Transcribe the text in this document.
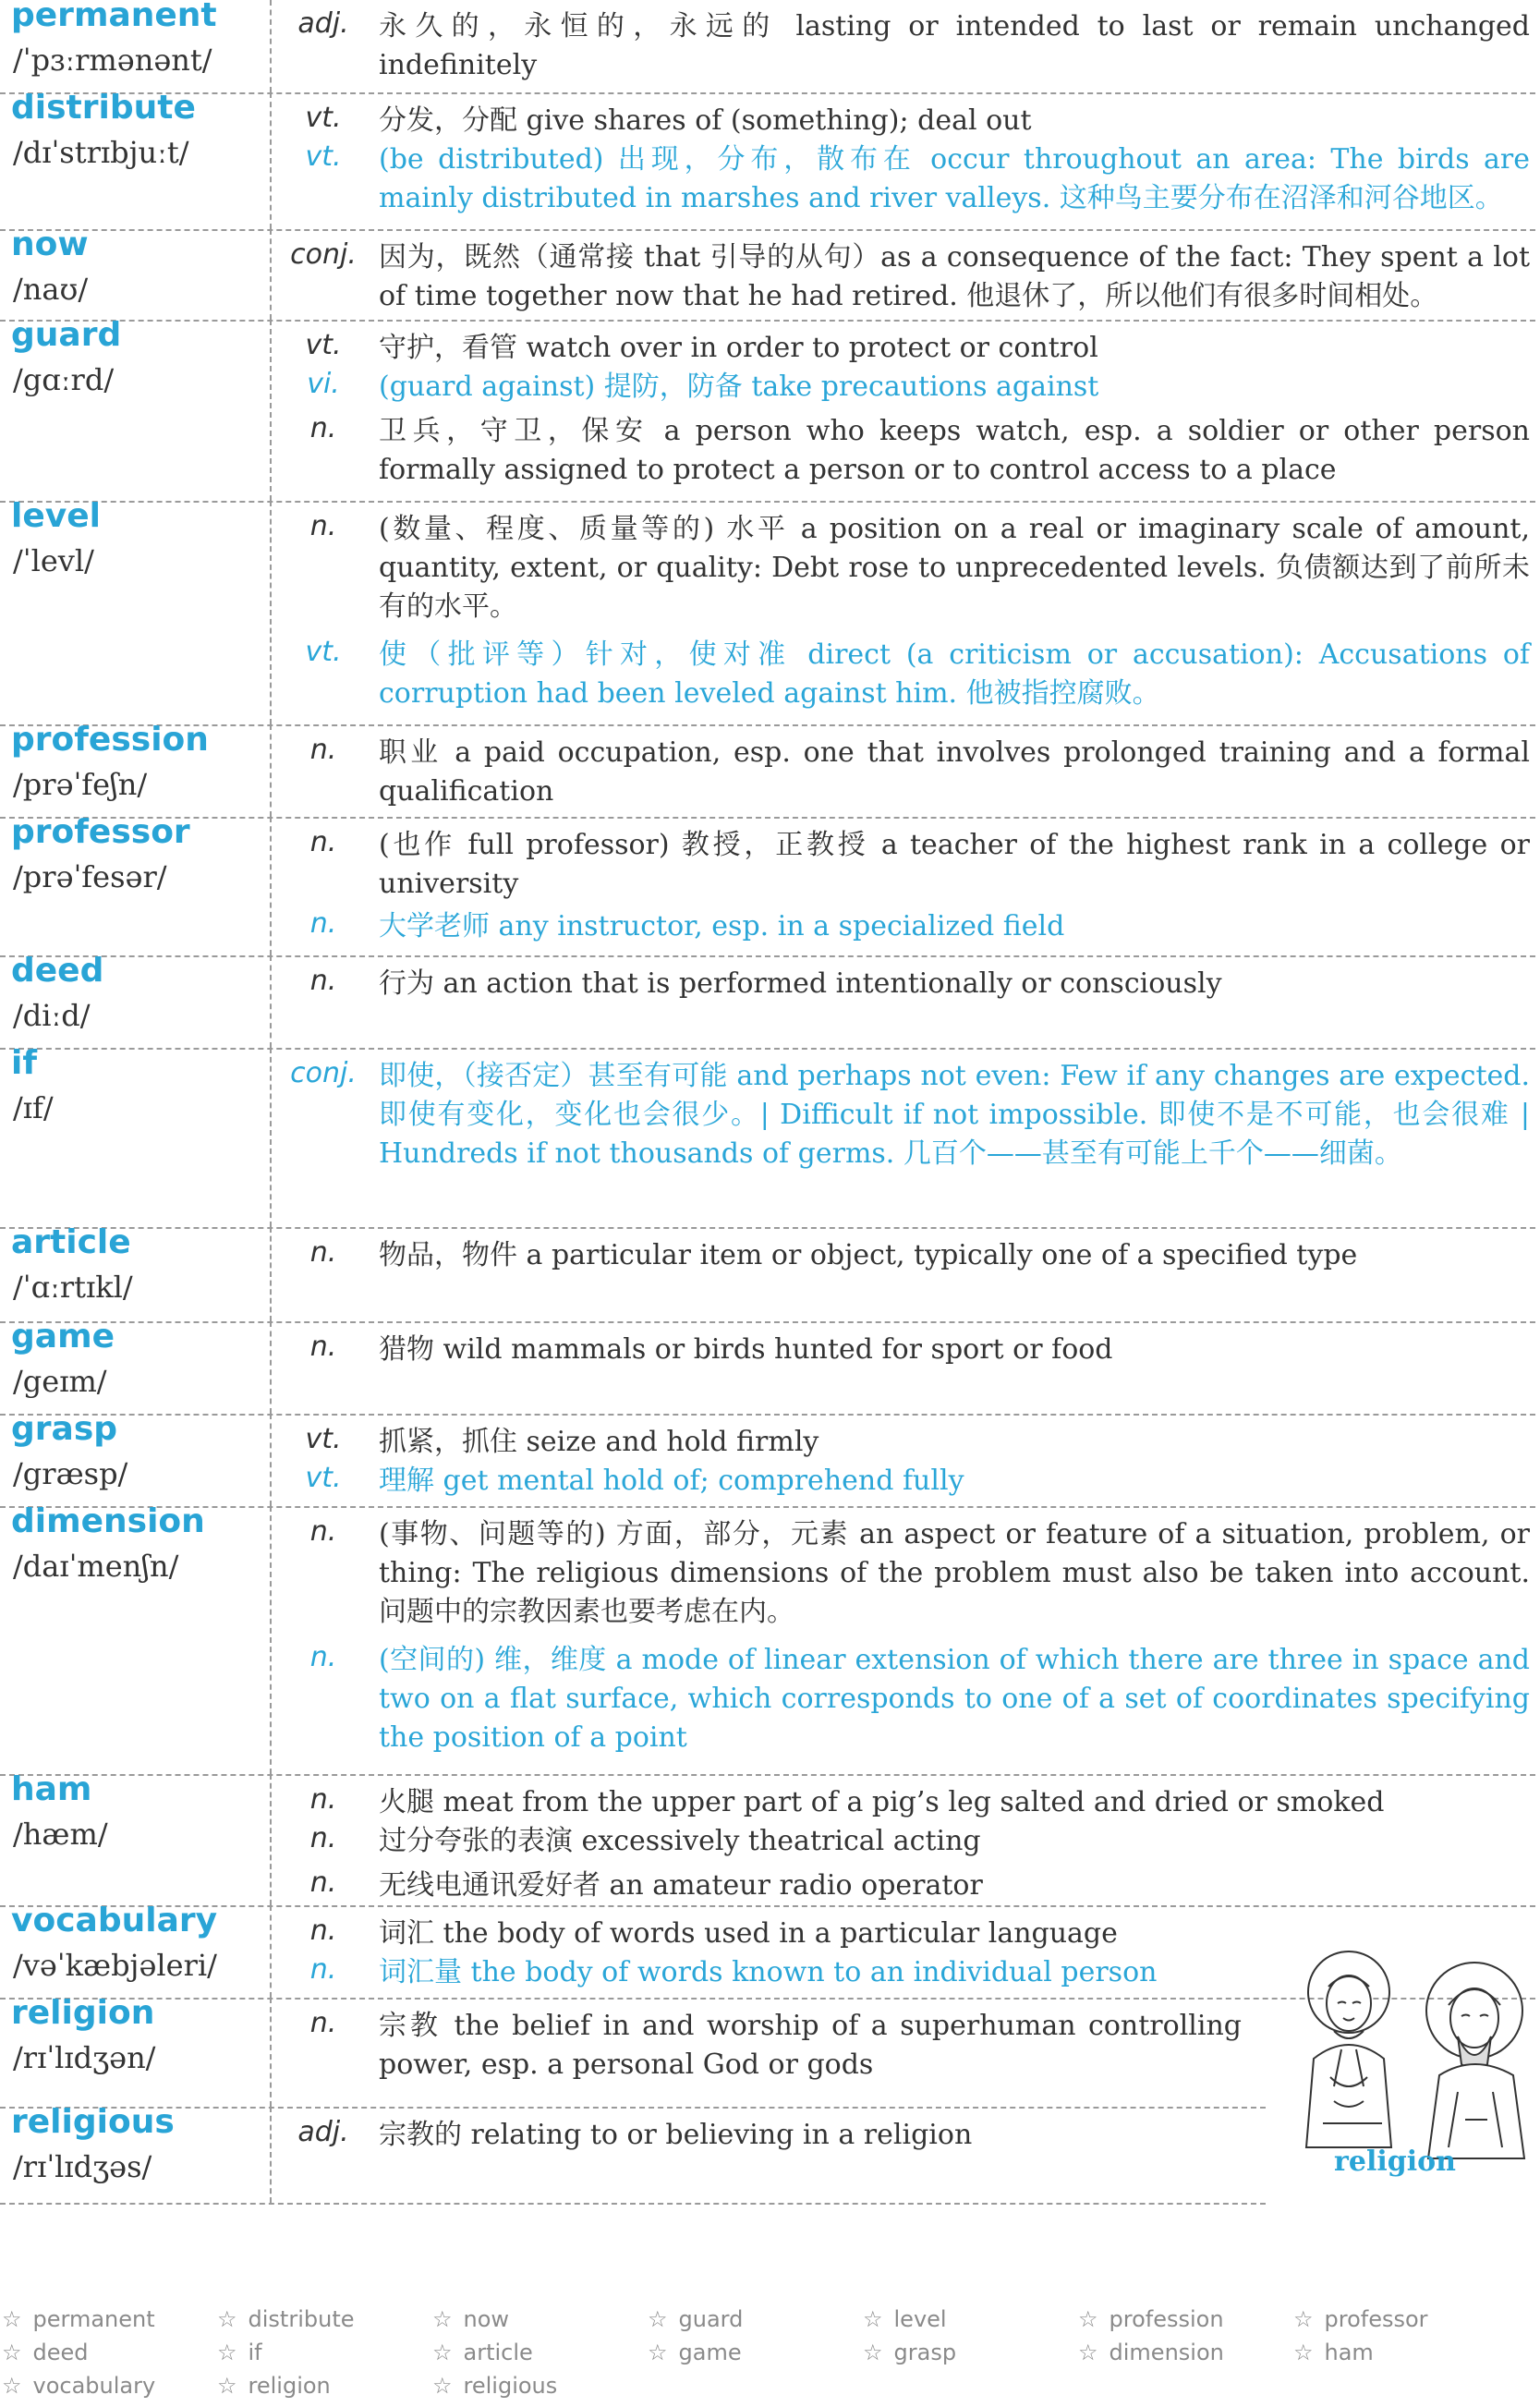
permanent
/ˈpɜːrmənənt/
adj.	永久的，永恒的，永远的 lasting or intended to last or remain unchanged indefinitely
distribute
/dɪˈstrɪbjuːt/
vt.	分发，分配 give shares of (something); deal out
vt.	(be distributed) 出现，分布，散布在 occur throughout an area: The birds are mainly distributed in marshes and river valleys. 这种鸟主要分布在沼泽和河谷地区。
now
/naʊ/
conj. 因为，既然（通常接 that 引导的从句）as a consequence of the fact: They spent a lot of time together now that he had retired. 他退休了，所以他们有很多时间相处。
guard
/gɑːrd/
vt.	守护，看管 watch over in order to protect or control
vi.	(guard against) 提防，防备 take precautions against
n.	卫兵，守卫，保安 a person who keeps watch, esp. a soldier or other person formally assigned to protect a person or to control access to a place
level
/ˈlevl/
n.	(数量、程度、质量等的) 水平 a position on a real or imaginary scale of amount, quantity, extent, or quality: Debt rose to unprecedented levels. 负债额达到了前所未有的水平。
vt.	使（批评等）针对，使对准 direct (a criticism or accusation): Accusations of corruption had been leveled against him. 他被指控腐败。
profession
/prəˈfeʃn/
n.	职业 a paid occupation, esp. one that involves prolonged training and a formal qualification
professor
/prəˈfesər/
n.	(也作 full professor) 教授，正教授 a teacher of the highest rank in a college or university
n.	大学老师 any instructor, esp. in a specialized field
deed
/diːd/
n.	行为 an action that is performed intentionally or consciously
if
/ɪf/
conj. 即使，（接否定）甚至有可能 and perhaps not even: Few if any changes are expected. 即使有变化，变化也会很少。| Difficult if not impossible. 即使不是不可能，也会很难 | Hundreds if not thousands of germs. 几百个——甚至有可能上千个——细菌。
article
/ˈɑːrtɪkl/
n.	物品，物件 a particular item or object, typically one of a specified type
game
/geɪm/
n.	猎物 wild mammals or birds hunted for sport or food
grasp
/græsp/
vt.	抓紧，抓住 seize and hold firmly
vt.	理解 get mental hold of; comprehend fully
dimension
/daɪˈmenʃn/
n.	(事物、问题等的) 方面，部分，元素 an aspect or feature of a situation, problem, or thing: The religious dimensions of the problem must also be taken into account. 问题中的宗教因素也要考虑在内。
n.	(空间的) 维，维度 a mode of linear extension of which there are three in space and two on a flat surface, which corresponds to one of a set of coordinates specifying the position of a point
ham
/hæm/
n.	火腿 meat from the upper part of a pig’s leg salted and dried or smoked
n.	过分夸张的表演 excessively theatrical acting
n.	无线电通讯爱好者 an amateur radio operator
vocabulary
/vəˈkæbjəleri/
n.	词汇 the body of words used in a particular language
n.	词汇量 the body of words known to an individual person
religion
/rɪˈlɪdʒən/
n.	宗教 the belief in and worship of a superhuman controlling power, esp. a personal God or gods
religious
/rɪˈlɪdʒəs/
adj.	宗教的 relating to or believing in a religion
religion
☆ permanent	☆ distribute	☆ now	☆ guard	☆ level	☆ profession	☆ professor
☆ deed	☆ if	☆ article	☆ game	☆ grasp	☆ dimension	☆ ham
☆ vocabulary	☆ religion	☆ religious
